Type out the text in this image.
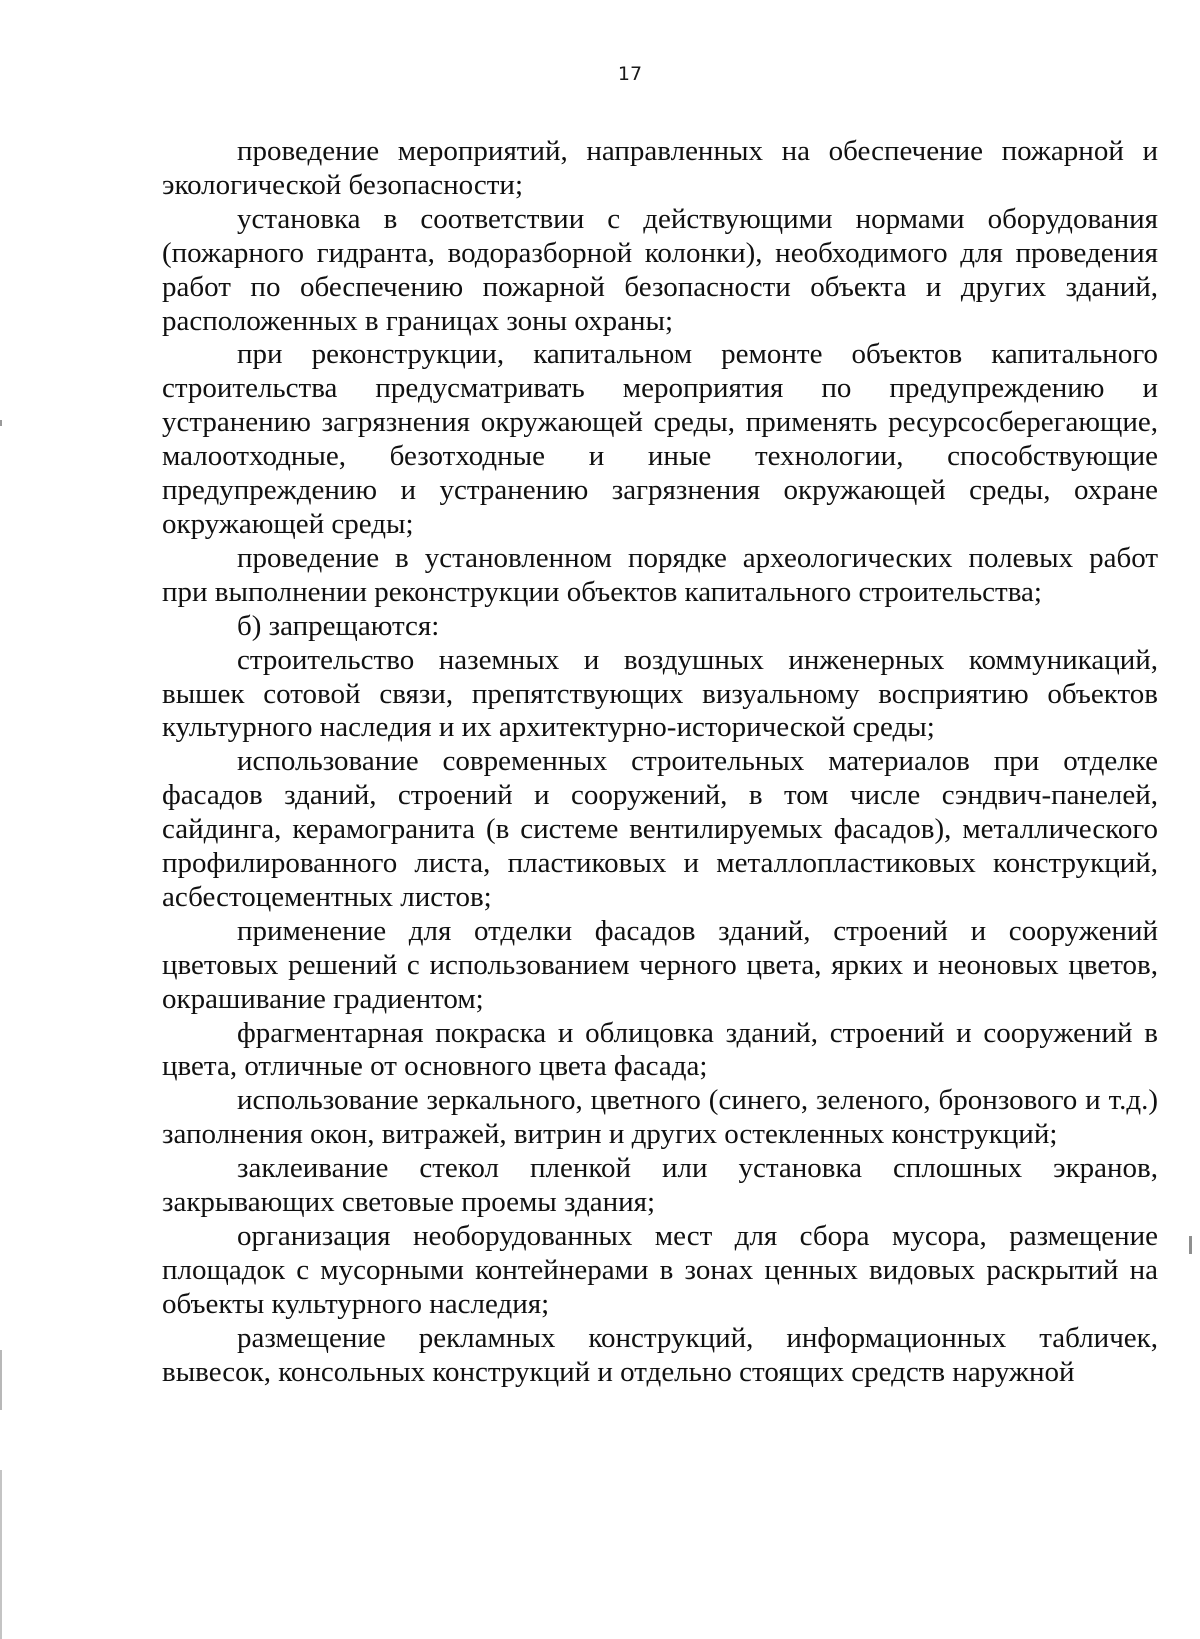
17

проведение мероприятий, направленных на обеспечение пожарной и экологической безопасности;

установка в соответствии с действующими нормами оборудования (пожарного гидранта, водоразборной колонки), необходимого для проведения работ по обеспечению пожарной безопасности объекта и других зданий, расположенных в границах зоны охраны;

при реконструкции, капитальном ремонте объектов капитального строительства предусматривать мероприятия по предупреждению и устранению загрязнения окружающей среды, применять ресурсосберегающие, малоотходные, безотходные и иные технологии, способствующие предупреждению и устранению загрязнения окружающей среды, охране окружающей среды;

проведение в установленном порядке археологических полевых работ при выполнении реконструкции объектов капитального строительства;

б) запрещаются:

строительство наземных и воздушных инженерных коммуникаций, вышек сотовой связи, препятствующих визуальному восприятию объектов культурного наследия и их архитектурно-исторической среды;

использование современных строительных материалов при отделке фасадов зданий, строений и сооружений, в том числе сэндвич-панелей, сайдинга, керамогранита (в системе вентилируемых фасадов), металлического профилированного листа, пластиковых и металлопластиковых конструкций, асбестоцементных листов;

применение для отделки фасадов зданий, строений и сооружений цветовых решений с использованием черного цвета, ярких и неоновых цветов, окрашивание градиентом;

фрагментарная покраска и облицовка зданий, строений и сооружений в цвета, отличные от основного цвета фасада;

использование зеркального, цветного (синего, зеленого, бронзового и т.д.) заполнения окон, витражей, витрин и других остекленных конструкций;

заклеивание стекол пленкой или установка сплошных экранов, закрывающих световые проемы здания;

организация необорудованных мест для сбора мусора, размещение площадок с мусорными контейнерами в зонах ценных видовых раскрытий на объекты культурного наследия;

размещение рекламных конструкций, информационных табличек, вывесок, консольных конструкций и отдельно стоящих средств наружной
